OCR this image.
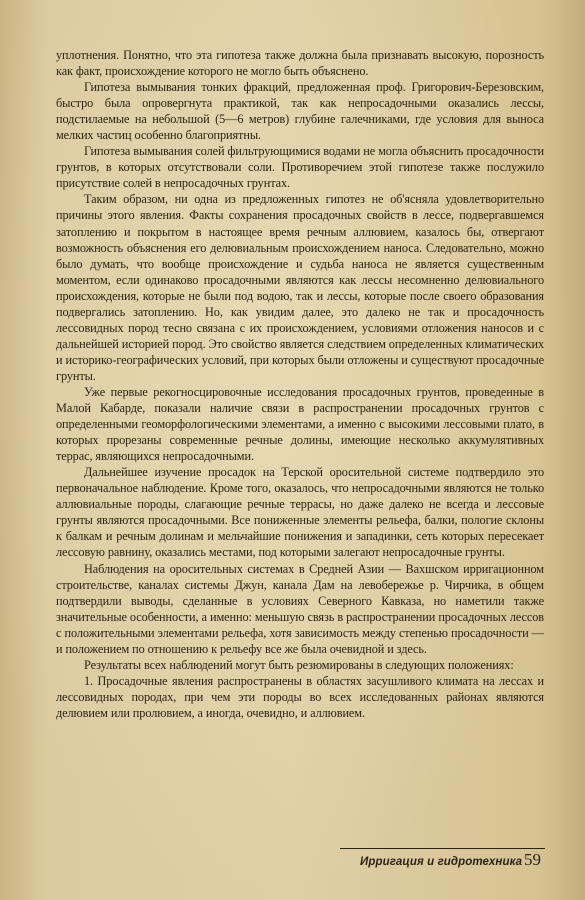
уплотнения. Понятно, что эта гипотеза также должна была признавать высокую, порозность как факт, происхождение которого не могло быть объяснено.

Гипотеза вымывания тонких фракций, предложенная проф. Григорович-Березовским, быстро была опровергнута практикой, так как непросадочными оказались лессы, подстилаемые на небольшой (5—6 метров) глубине галечниками, где условия для выноса мелких частиц особенно благоприятны.

Гипотеза вымывания солей фильтрующимися водами не могла объяснить просадочности грунтов, в которых отсутствовали соли. Противоречием этой гипотезе также послужило присутствие солей в непросадочных грунтах.

Таким образом, ни одна из предложенных гипотез не об'ясняла удовлетворительно причины этого явления. Факты сохранения просадочных свойств в лессе, подвергавшемся затоплению и покрытом в настоящее время речным аллювием, казалось бы, отвергают возможность объяснения его делювиальным происхождением наноса. Следовательно, можно было думать, что вообще происхождение и судьба наноса не является существенным моментом, если одинаково просадочными являются как лессы несомненно делювиального происхождения, которые не были под водою, так и лессы, которые после своего образования подвергались затоплению. Но, как увидим далее, это далеко не так и просадочность лессовидных пород тесно связана с их происхождением, условиями отложения наносов и с дальнейшей историей пород. Это свойство является следствием определенных климатических и историко-географических условий, при которых были отложены и существуют просадочные грунты.

Уже первые рекогносцировочные исследования просадочных грунтов, проведенные в Малой Кабарде, показали наличие связи в распространении просадочных грунтов с определенными геоморфологическими элементами, а именно с высокими лессовыми плато, в которых прорезаны современные речные долины, имеющие несколько аккумулятивных террас, являющихся непросадочными.

Дальнейшее изучение просадок на Терской оросительной системе подтвердило это первоначальное наблюдение. Кроме того, оказалось, что непросадочными являются не только аллювиальные породы, слагающие речные террасы, но даже далеко не всегда и лессовые грунты являются просадочными. Все пониженные элементы рельефа, балки, пологие склоны к балкам и речным долинам и мельчайшие понижения и западинки, сеть которых пересекает лессовую равнину, оказались местами, под которыми залегают непросадочные грунты.

Наблюдения на оросительных системах в Средней Азии — Вахшском ирригационном строительстве, каналах системы Джун, канала Дам на левобережье р. Чирчика, в общем подтвердили выводы, сделанные в условиях Северного Кавказа, но наметили также значительные особенности, а именно: меньшую связь в распространении просадочных лессов с положительными элементами рельефа, хотя зависимость между степенью просадочности — и положением по отношению к рельефу все же была очевидной и здесь.

Результаты всех наблюдений могут быть резюмированы в следующих положениях:

1. Просадочные явления распространены в областях засушливого климата на лессах и лессовидных породах, при чем эти породы во всех исследованных районах являются делювием или пролювием, а иногда, очевидно, и аллювием.

Ирригация и гидротехника 59
